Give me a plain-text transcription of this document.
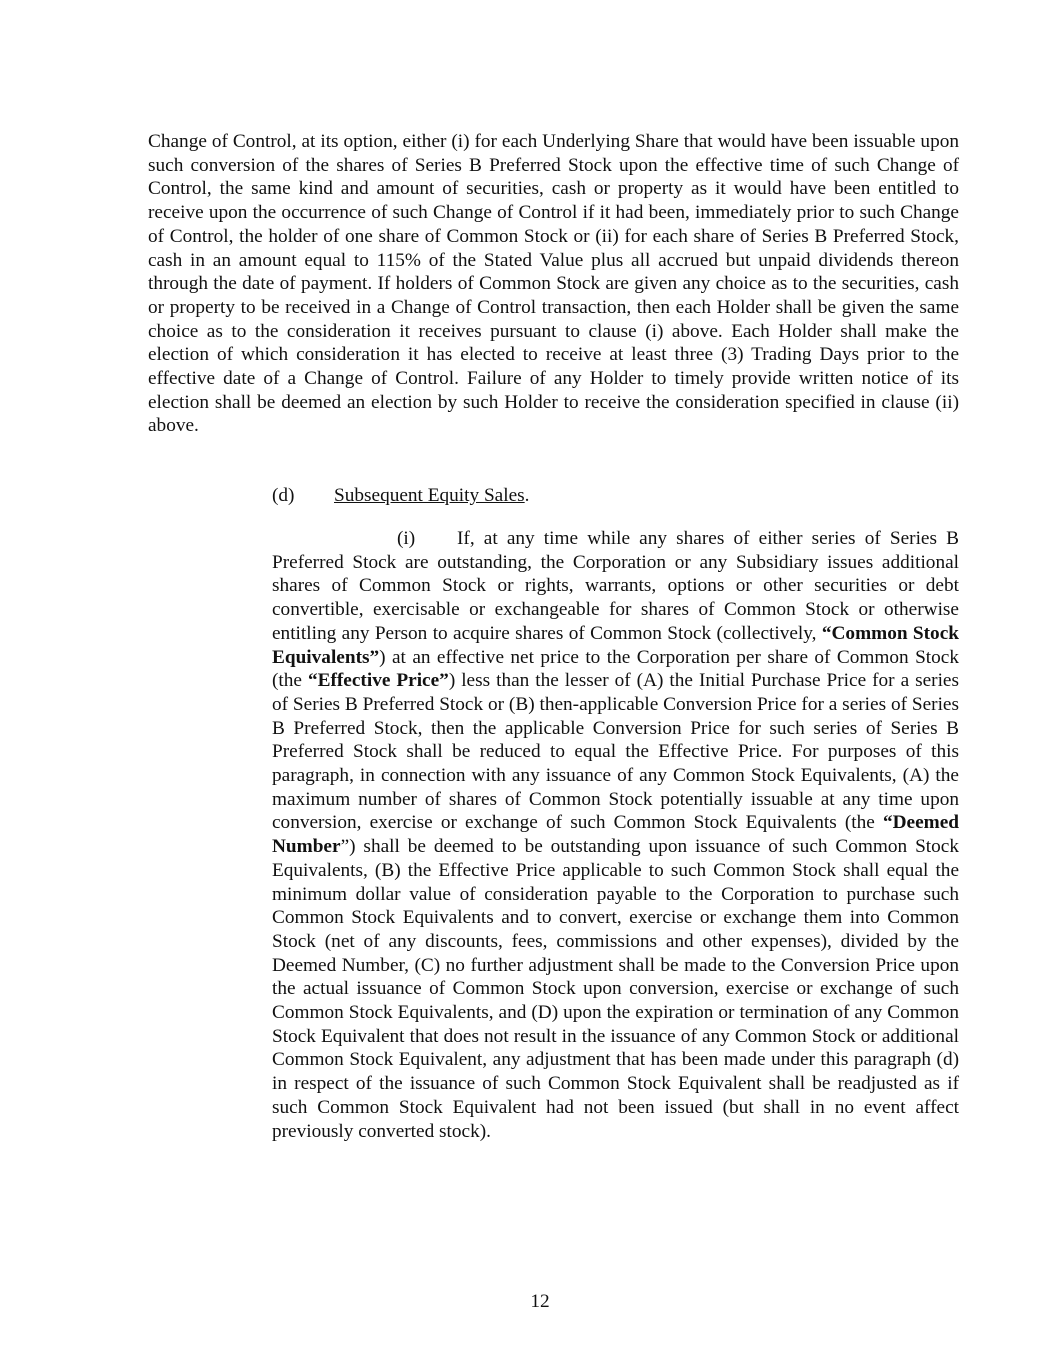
Change of Control, at its option, either (i) for each Underlying Share that would have been issuable upon such conversion of the shares of Series B Preferred Stock upon the effective time of such Change of Control, the same kind and amount of securities, cash or property as it would have been entitled to receive upon the occurrence of such Change of Control if it had been, immediately prior to such Change of Control, the holder of one share of Common Stock or (ii) for each share of Series B Preferred Stock, cash in an amount equal to 115% of the Stated Value plus all accrued but unpaid dividends thereon through the date of payment. If holders of Common Stock are given any choice as to the securities, cash or property to be received in a Change of Control transaction, then each Holder shall be given the same choice as to the consideration it receives pursuant to clause (i) above. Each Holder shall make the election of which consideration it has elected to receive at least three (3) Trading Days prior to the effective date of a Change of Control. Failure of any Holder to timely provide written notice of its election shall be deemed an election by such Holder to receive the consideration specified in clause (ii) above.

(d) Subsequent Equity Sales.

(i) If, at any time while any shares of either series of Series B Preferred Stock are outstanding, the Corporation or any Subsidiary issues additional shares of Common Stock or rights, warrants, options or other securities or debt convertible, exercisable or exchangeable for shares of Common Stock or otherwise entitling any Person to acquire shares of Common Stock (collectively, “Common Stock Equivalents”) at an effective net price to the Corporation per share of Common Stock (the “Effective Price”) less than the lesser of (A) the Initial Purchase Price for a series of Series B Preferred Stock or (B) then-applicable Conversion Price for a series of Series B Preferred Stock, then the applicable Conversion Price for such series of Series B Preferred Stock shall be reduced to equal the Effective Price. For purposes of this paragraph, in connection with any issuance of any Common Stock Equivalents, (A) the maximum number of shares of Common Stock potentially issuable at any time upon conversion, exercise or exchange of such Common Stock Equivalents (the “Deemed Number”) shall be deemed to be outstanding upon issuance of such Common Stock Equivalents, (B) the Effective Price applicable to such Common Stock shall equal the minimum dollar value of consideration payable to the Corporation to purchase such Common Stock Equivalents and to convert, exercise or exchange them into Common Stock (net of any discounts, fees, commissions and other expenses), divided by the Deemed Number, (C) no further adjustment shall be made to the Conversion Price upon the actual issuance of Common Stock upon conversion, exercise or exchange of such Common Stock Equivalents, and (D) upon the expiration or termination of any Common Stock Equivalent that does not result in the issuance of any Common Stock or additional Common Stock Equivalent, any adjustment that has been made under this paragraph (d) in respect of the issuance of such Common Stock Equivalent shall be readjusted as if such Common Stock Equivalent had not been issued (but shall in no event affect previously converted stock).

12
